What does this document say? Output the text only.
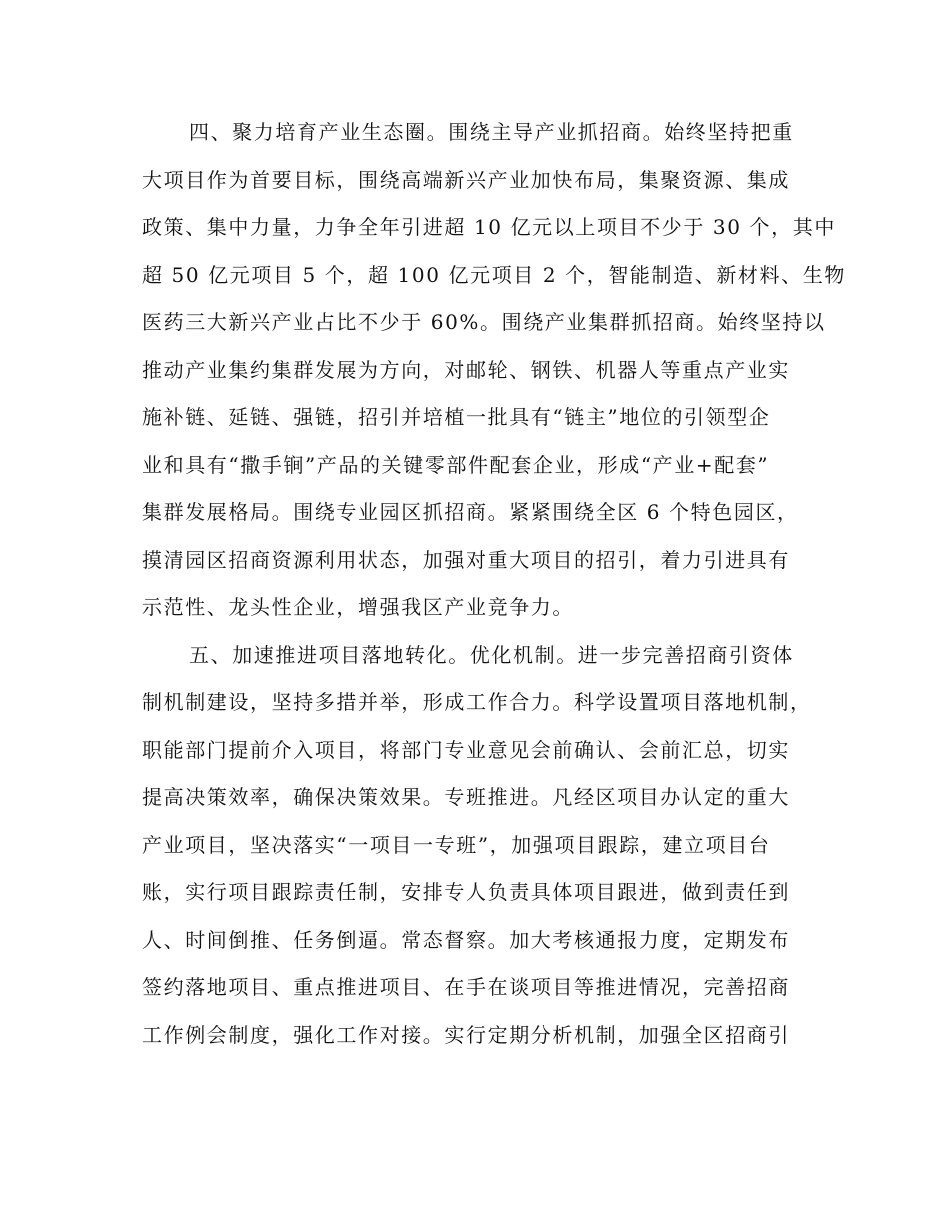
四、聚力培育产业生态圈。围绕主导产业抓招商。始终坚持把重
大项目作为首要目标，围绕高端新兴产业加快布局，集聚资源、集成
政策、集中力量，力争全年引进超 10 亿元以上项目不少于 30 个，其中
超 50 亿元项目 5 个，超 100 亿元项目 2 个，智能制造、新材料、生物
医药三大新兴产业占比不少于 60%。围绕产业集群抓招商。始终坚持以
推动产业集约集群发展为方向，对邮轮、钢铁、机器人等重点产业实
施补链、延链、强链，招引并培植一批具有“链主”地位的引领型企
业和具有“撒手锏”产品的关键零部件配套企业，形成“产业+配套”
集群发展格局。围绕专业园区抓招商。紧紧围绕全区 6 个特色园区，
摸清园区招商资源利用状态，加强对重大项目的招引，着力引进具有
示范性、龙头性企业，增强我区产业竞争力。
五、加速推进项目落地转化。优化机制。进一步完善招商引资体
制机制建设，坚持多措并举，形成工作合力。科学设置项目落地机制，
职能部门提前介入项目，将部门专业意见会前确认、会前汇总，切实
提高决策效率，确保决策效果。专班推进。凡经区项目办认定的重大
产业项目，坚决落实“一项目一专班”，加强项目跟踪，建立项目台
账，实行项目跟踪责任制，安排专人负责具体项目跟进，做到责任到
人、时间倒推、任务倒逼。常态督察。加大考核通报力度，定期发布
签约落地项目、重点推进项目、在手在谈项目等推进情况，完善招商
工作例会制度，强化工作对接。实行定期分析机制，加强全区招商引
